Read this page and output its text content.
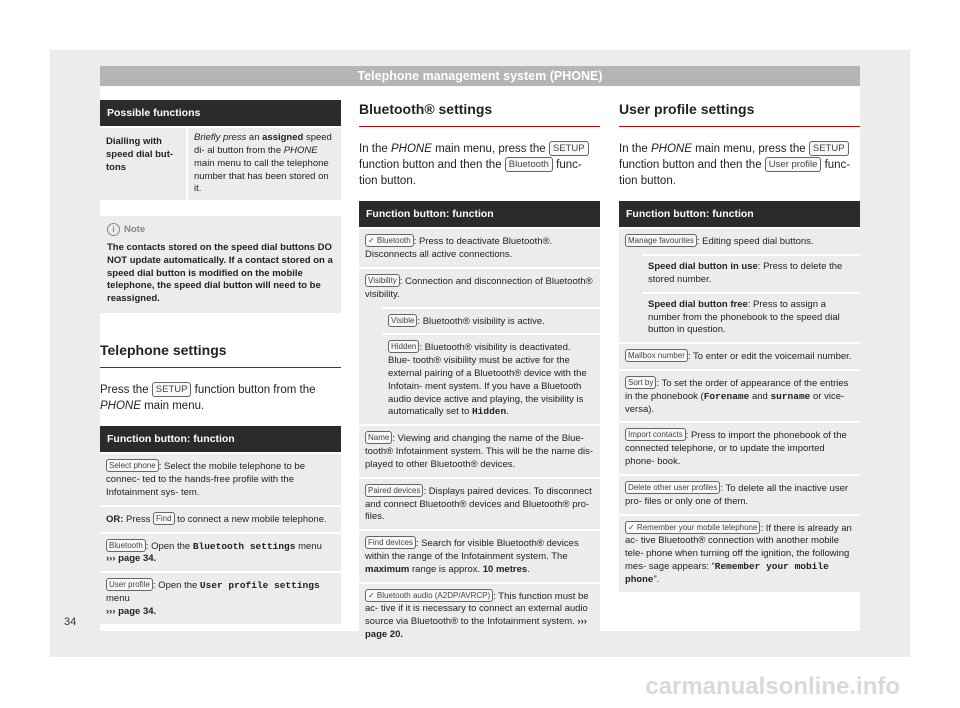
Telephone management system (PHONE)
Possible functions
Dialling with speed dial but- tons
Briefly press an assigned speed di- al button from the PHONE main menu to call the telephone number that has been stored on it.
i Note
The contacts stored on the speed dial buttons DO NOT update automatically. If a contact stored on a speed dial button is modified on the mobile telephone, the speed dial button will need to be reassigned.
Telephone settings
Press the SETUP function button from the PHONE main menu.
Function button: function
Select phone : Select the mobile telephone to be connec- ted to the hands-free profile with the Infotainment sys- tem.
OR: Press Find to connect a new mobile telephone.
Bluetooth : Open the Bluetooth settings menu
››› page 34.
User profile : Open the User profile settings menu
››› page 34.
Bluetooth® settings
In the PHONE main menu, press the SETUP function button and then the Bluetooth func- tion button.
Function button: function
✓ Bluetooth : Press to deactivate Bluetooth®. Disconnects all active connections.
Visibility : Connection and disconnection of Bluetooth® visibility.
Visible : Bluetooth® visibility is active.
Hidden : Bluetooth® visibility is deactivated. Blue- tooth® visibility must be active for the external pairing of a Bluetooth® device with the Infotain- ment system. If you have a Bluetooth audio device active and playing, the visibility is automatically set to Hidden.
Name : Viewing and changing the name of the Blue- tooth® Infotainment system. This will be the name dis- played to other Bluetooth® devices.
Paired devices : Displays paired devices. To disconnect and connect Bluetooth® devices and Bluetooth® pro- files.
Find devices : Search for visible Bluetooth® devices within the range of the Infotainment system. The maximum range is approx. 10 metres.
✓ Bluetooth audio (A2DP/AVRCP) : This function must be ac- tive if it is necessary to connect an external audio source via Bluetooth® to the Infotainment system. ››› page 20.
User profile settings
In the PHONE main menu, press the SETUP function button and then the User profile func- tion button.
Function button: function
Manage favourites : Editing speed dial buttons.
Speed dial button in use: Press to delete the stored number.
Speed dial button free: Press to assign a number from the phonebook to the speed dial button in question.
Mailbox number : To enter or edit the voicemail number.
Sort by : To set the order of appearance of the entries in the phonebook (Forename and surname or vice-versa).
Import contacts : Press to import the phonebook of the connected telephone, or to update the imported phone- book.
Delete other user profiles : To delete all the inactive user pro- files or only one of them.
✓ Remember your mobile telephone : If there is already an ac- tive Bluetooth® connection with another mobile tele- phone when turning off the ignition, the following mes- sage appears: “Remember your mobile phone”.
34
carmanualsonline.info
